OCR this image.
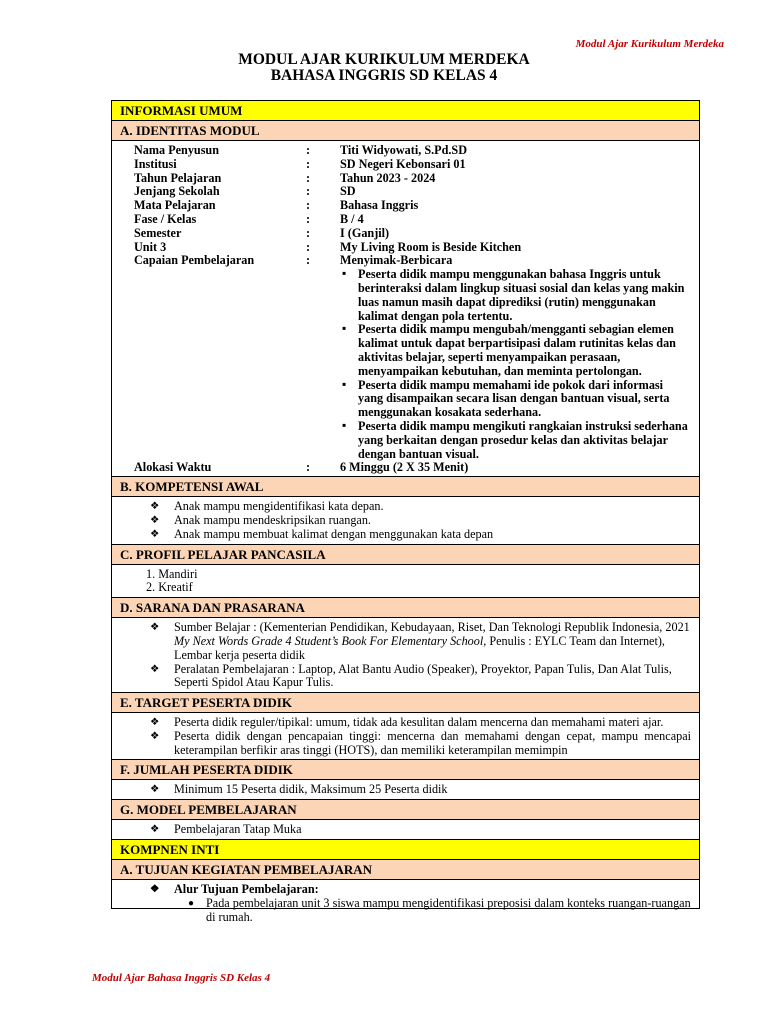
Modul Ajar Kurikulum Merdeka
MODUL AJAR KURIKULUM MERDEKA
BAHASA INGGRIS SD KELAS 4
INFORMASI UMUM
A. IDENTITAS MODUL

Nama Penyusun	:	Titi Widyowati, S.Pd.SD
Institusi	:	SD Negeri Kebonsari 01
Tahun Pelajaran	:	Tahun 2023 - 2024
Jenjang Sekolah	:	SD
Mata Pelajaran	:	Bahasa Inggris
Fase / Kelas	:	B / 4
Semester	:	I (Ganjil)
Unit 3	:	My Living Room is Beside Kitchen
Capaian Pembelajaran	:	Menyimak-Berbicara
▪ Peserta didik mampu menggunakan bahasa Inggris untuk berinteraksi dalam lingkup situasi sosial dan kelas yang makin luas namun masih dapat diprediksi (rutin) menggunakan kalimat dengan pola tertentu.
▪ Peserta didik mampu mengubah/mengganti sebagian elemen kalimat untuk dapat berpartisipasi dalam rutinitas kelas dan aktivitas belajar, seperti menyampaikan perasaan, menyampaikan kebutuhan, dan meminta pertolongan.
▪ Peserta didik mampu memahami ide pokok dari informasi yang disampaikan secara lisan dengan bantuan visual, serta menggunakan kosakata sederhana.
▪ Peserta didik mampu mengikuti rangkaian instruksi sederhana yang berkaitan dengan prosedur kelas dan aktivitas belajar dengan bantuan visual.
Alokasi Waktu	:	6 Minggu (2 X 35 Menit)

B. KOMPETENSI AWAL

❖ Anak mampu mengidentifikasi kata depan.
❖ Anak mampu mendeskripsikan ruangan.
❖ Anak mampu membuat kalimat dengan menggunakan kata depan

C. PROFIL PELAJAR PANCASILA

1. Mandiri
2. Kreatif

D. SARANA DAN PRASARANA

❖ Sumber Belajar : (Kementerian Pendidikan, Kebudayaan, Riset, Dan Teknologi Republik Indonesia, 2021 My Next Words Grade 4 Student’s Book For Elementary School, Penulis : EYLC Team dan Internet), Lembar kerja peserta didik
❖ Peralatan Pembelajaran : Laptop, Alat Bantu Audio (Speaker), Proyektor, Papan Tulis, Dan Alat Tulis, Seperti Spidol Atau Kapur Tulis.

E. TARGET PESERTA DIDIK

❖ Peserta didik reguler/tipikal: umum, tidak ada kesulitan dalam mencerna dan memahami materi ajar.
❖ Peserta didik dengan pencapaian tinggi: mencerna dan memahami dengan cepat, mampu mencapai keterampilan berfikir aras tinggi (HOTS), dan memiliki keterampilan memimpin

F. JUMLAH PESERTA DIDIK

❖ Minimum 15 Peserta didik, Maksimum 25 Peserta didik

G. MODEL PEMBELAJARAN

❖ Pembelajaran Tatap Muka

KOMPNEN INTI
A. TUJUAN KEGIATAN PEMBELAJARAN

❖ Alur Tujuan Pembelajaran:
● Pada pembelajaran unit 3 siswa mampu mengidentifikasi preposisi dalam konteks ruangan-ruangan di rumah.
Modul Ajar Bahasa Inggris SD Kelas 4
